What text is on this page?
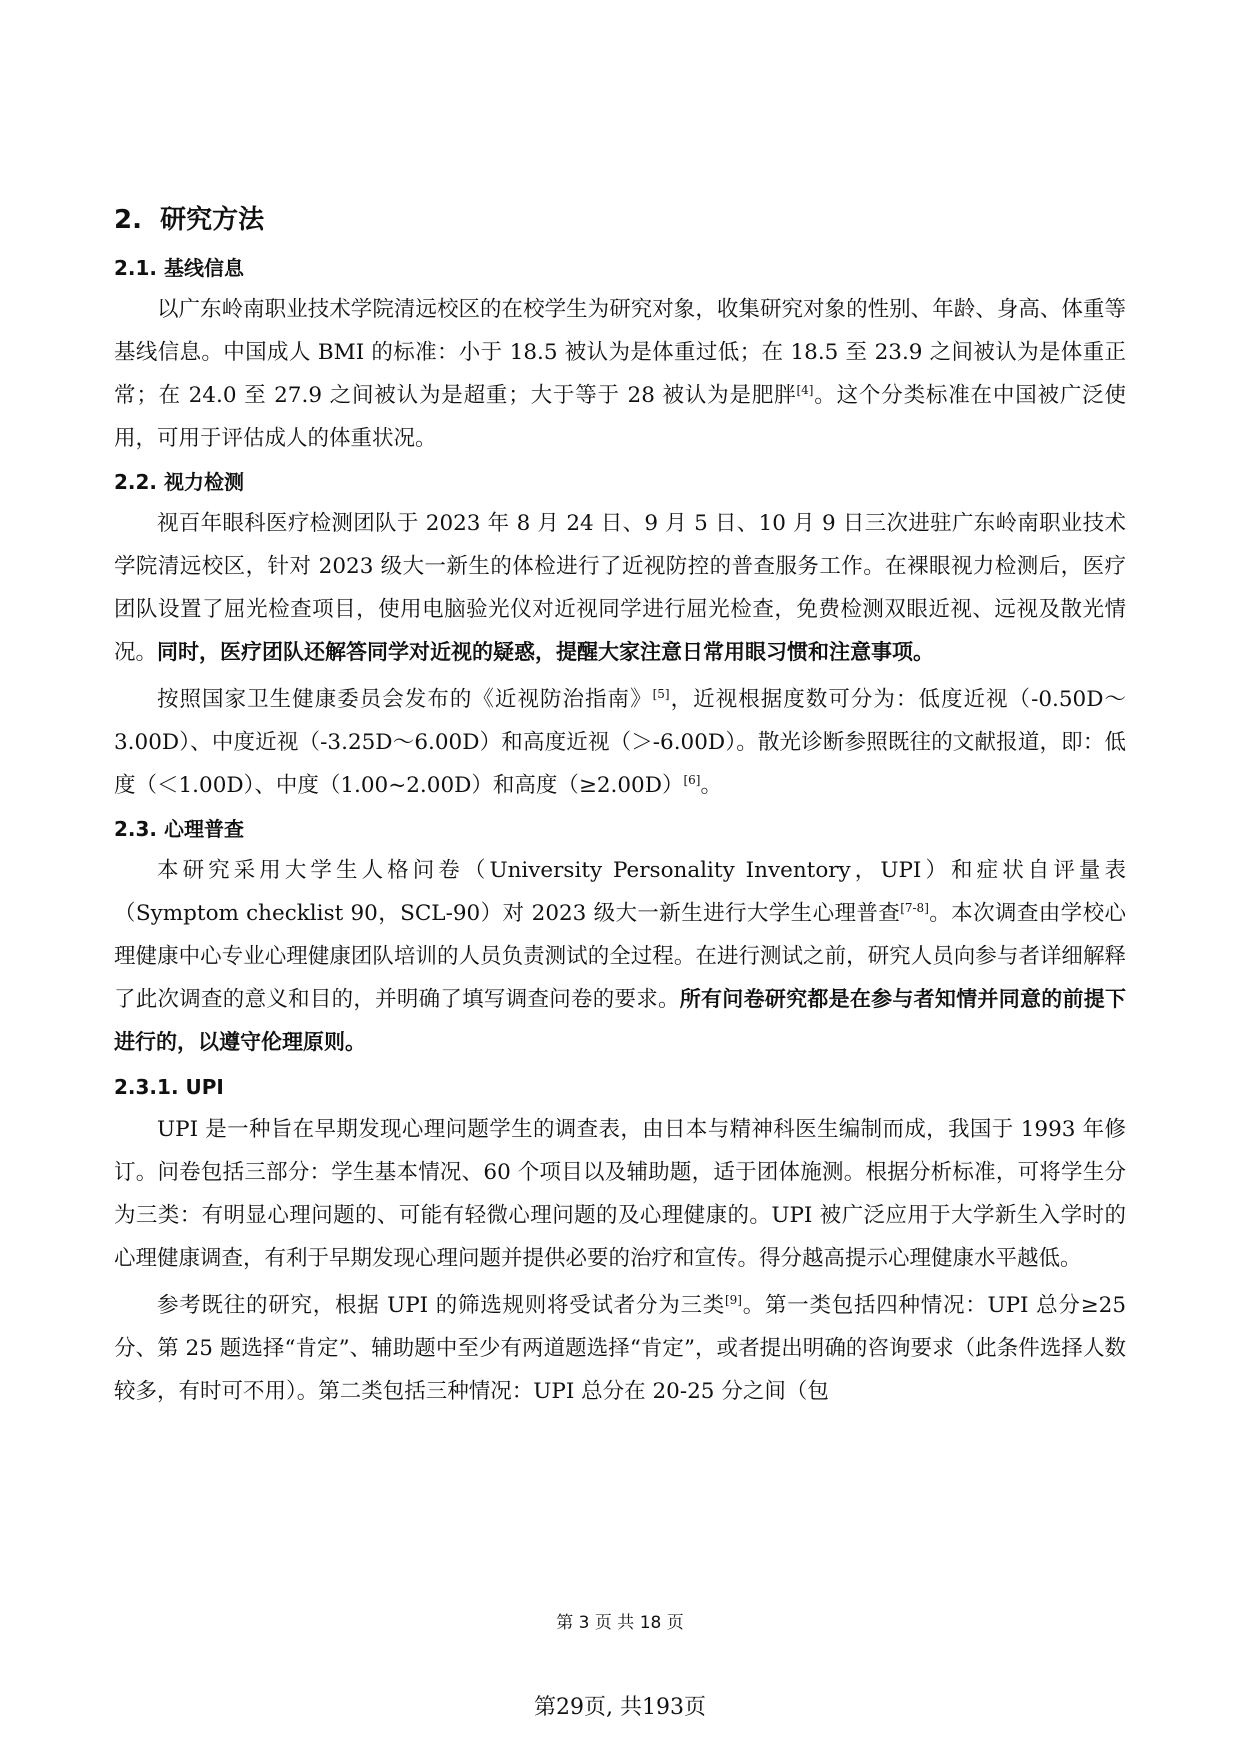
2. 研究方法
2.1. 基线信息

以广东岭南职业技术学院清远校区的在校学生为研究对象，收集研究对象的性别、年龄、身高、体重等基线信息。中国成人 BMI 的标准：小于 18.5 被认为是体重过低；在 18.5 至 23.9 之间被认为是体重正常；在 24.0 至 27.9 之间被认为是超重；大于等于 28 被认为是肥胖[4]。这个分类标准在中国被广泛使用，可用于评估成人的体重状况。

2.2. 视力检测

视百年眼科医疗检测团队于 2023 年 8 月 24 日、9 月 5 日、10 月 9 日三次进驻广东岭南职业技术学院清远校区，针对 2023 级大一新生的体检进行了近视防控的普查服务工作。在裸眼视力检测后，医疗团队设置了屈光检查项目，使用电脑验光仪对近视同学进行屈光检查，免费检测双眼近视、远视及散光情况。同时，医疗团队还解答同学对近视的疑惑，提醒大家注意日常用眼习惯和注意事项。

按照国家卫生健康委员会发布的《近视防治指南》[5]，近视根据度数可分为：低度近视（-0.50D～3.00D）、中度近视（-3.25D～6.00D）和高度近视（＞-6.00D）。散光诊断参照既往的文献报道，即：低度（＜1.00D）、中度（1.00~2.00D）和高度（≥2.00D）[6]。

2.3. 心理普查

本研究采用大学生人格问卷（University Personality Inventory，UPI）和症状自评量表（Symptom checklist 90，SCL-90）对 2023 级大一新生进行大学生心理普查[7-8]。本次调查由学校心理健康中心专业心理健康团队培训的人员负责测试的全过程。在进行测试之前，研究人员向参与者详细解释了此次调查的意义和目的，并明确了填写调查问卷的要求。所有问卷研究都是在参与者知情并同意的前提下进行的，以遵守伦理原则。

2.3.1. UPI

UPI 是一种旨在早期发现心理问题学生的调查表，由日本与精神科医生编制而成，我国于 1993 年修订。问卷包括三部分：学生基本情况、60 个项目以及辅助题，适于团体施测。根据分析标准，可将学生分为三类：有明显心理问题的、可能有轻微心理问题的及心理健康的。UPI 被广泛应用于大学新生入学时的心理健康调查，有利于早期发现心理问题并提供必要的治疗和宣传。得分越高提示心理健康水平越低。

参考既往的研究，根据 UPI 的筛选规则将受试者分为三类[9]。第一类包括四种情况：UPI 总分≥25 分、第 25 题选择“肯定”、辅助题中至少有两道题选择“肯定”，或者提出明确的咨询要求（此条件选择人数较多，有时可不用）。第二类包括三种情况：UPI 总分在 20-25 分之间（包

第 3 页 共 18 页
第29页, 共193页
